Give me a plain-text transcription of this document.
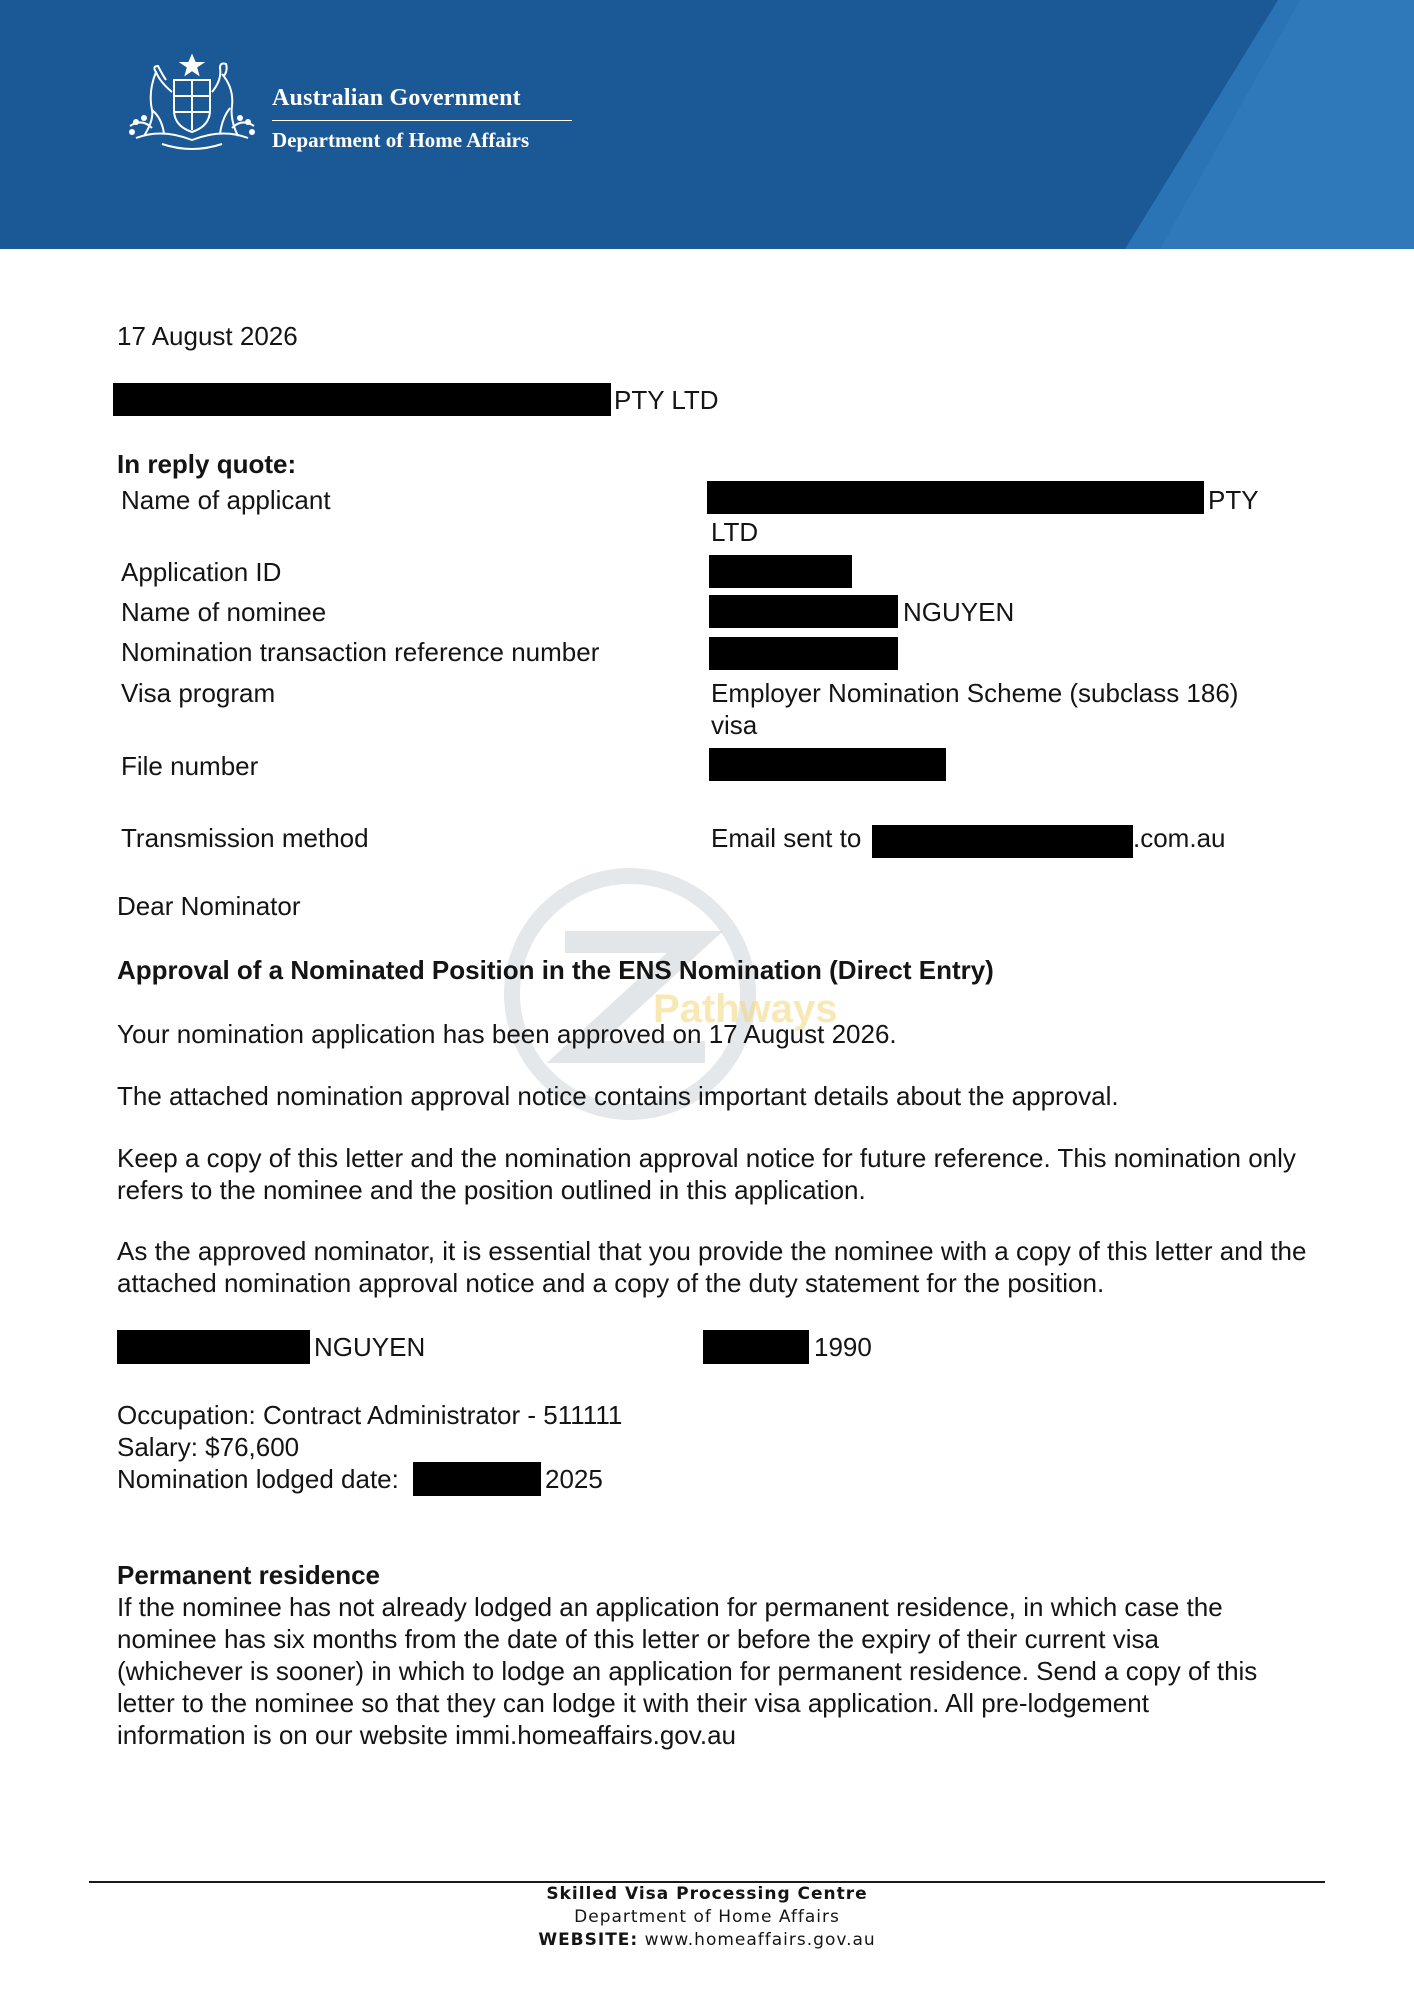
Australian Government
Department of Home Affairs
Pathways
17 August 2026
PTY LTD
In reply quote:
Name of applicant	PTY
LTD
Application ID
Name of nominee	NGUYEN
Nomination transaction reference number
Visa program	Employer Nomination Scheme (subclass 186)
visa
File number
Transmission method	Email sent to	.com.au
Dear Nominator
Approval of a Nominated Position in the ENS Nomination (Direct Entry)
Your nomination application has been approved on 17 August 2026.
The attached nomination approval notice contains important details about the approval.
Keep a copy of this letter and the nomination approval notice for future reference. This nomination only refers to the nominee and the position outlined in this application.
As the approved nominator, it is essential that you provide the nominee with a copy of this letter and the attached nomination approval notice and a copy of the duty statement for the position.
NGUYEN	1990
Occupation: Contract Administrator - 511111
Salary: $76,600
Nomination lodged date:	2025
Permanent residence
If the nominee has not already lodged an application for permanent residence, in which case the nominee has six months from the date of this letter or before the expiry of their current visa (whichever is sooner) in which to lodge an application for permanent residence. Send a copy of this letter to the nominee so that they can lodge it with their visa application. All pre-lodgement information is on our website immi.homeaffairs.gov.au
Skilled Visa Processing Centre
Department of Home Affairs
WEBSITE: www.homeaffairs.gov.au
